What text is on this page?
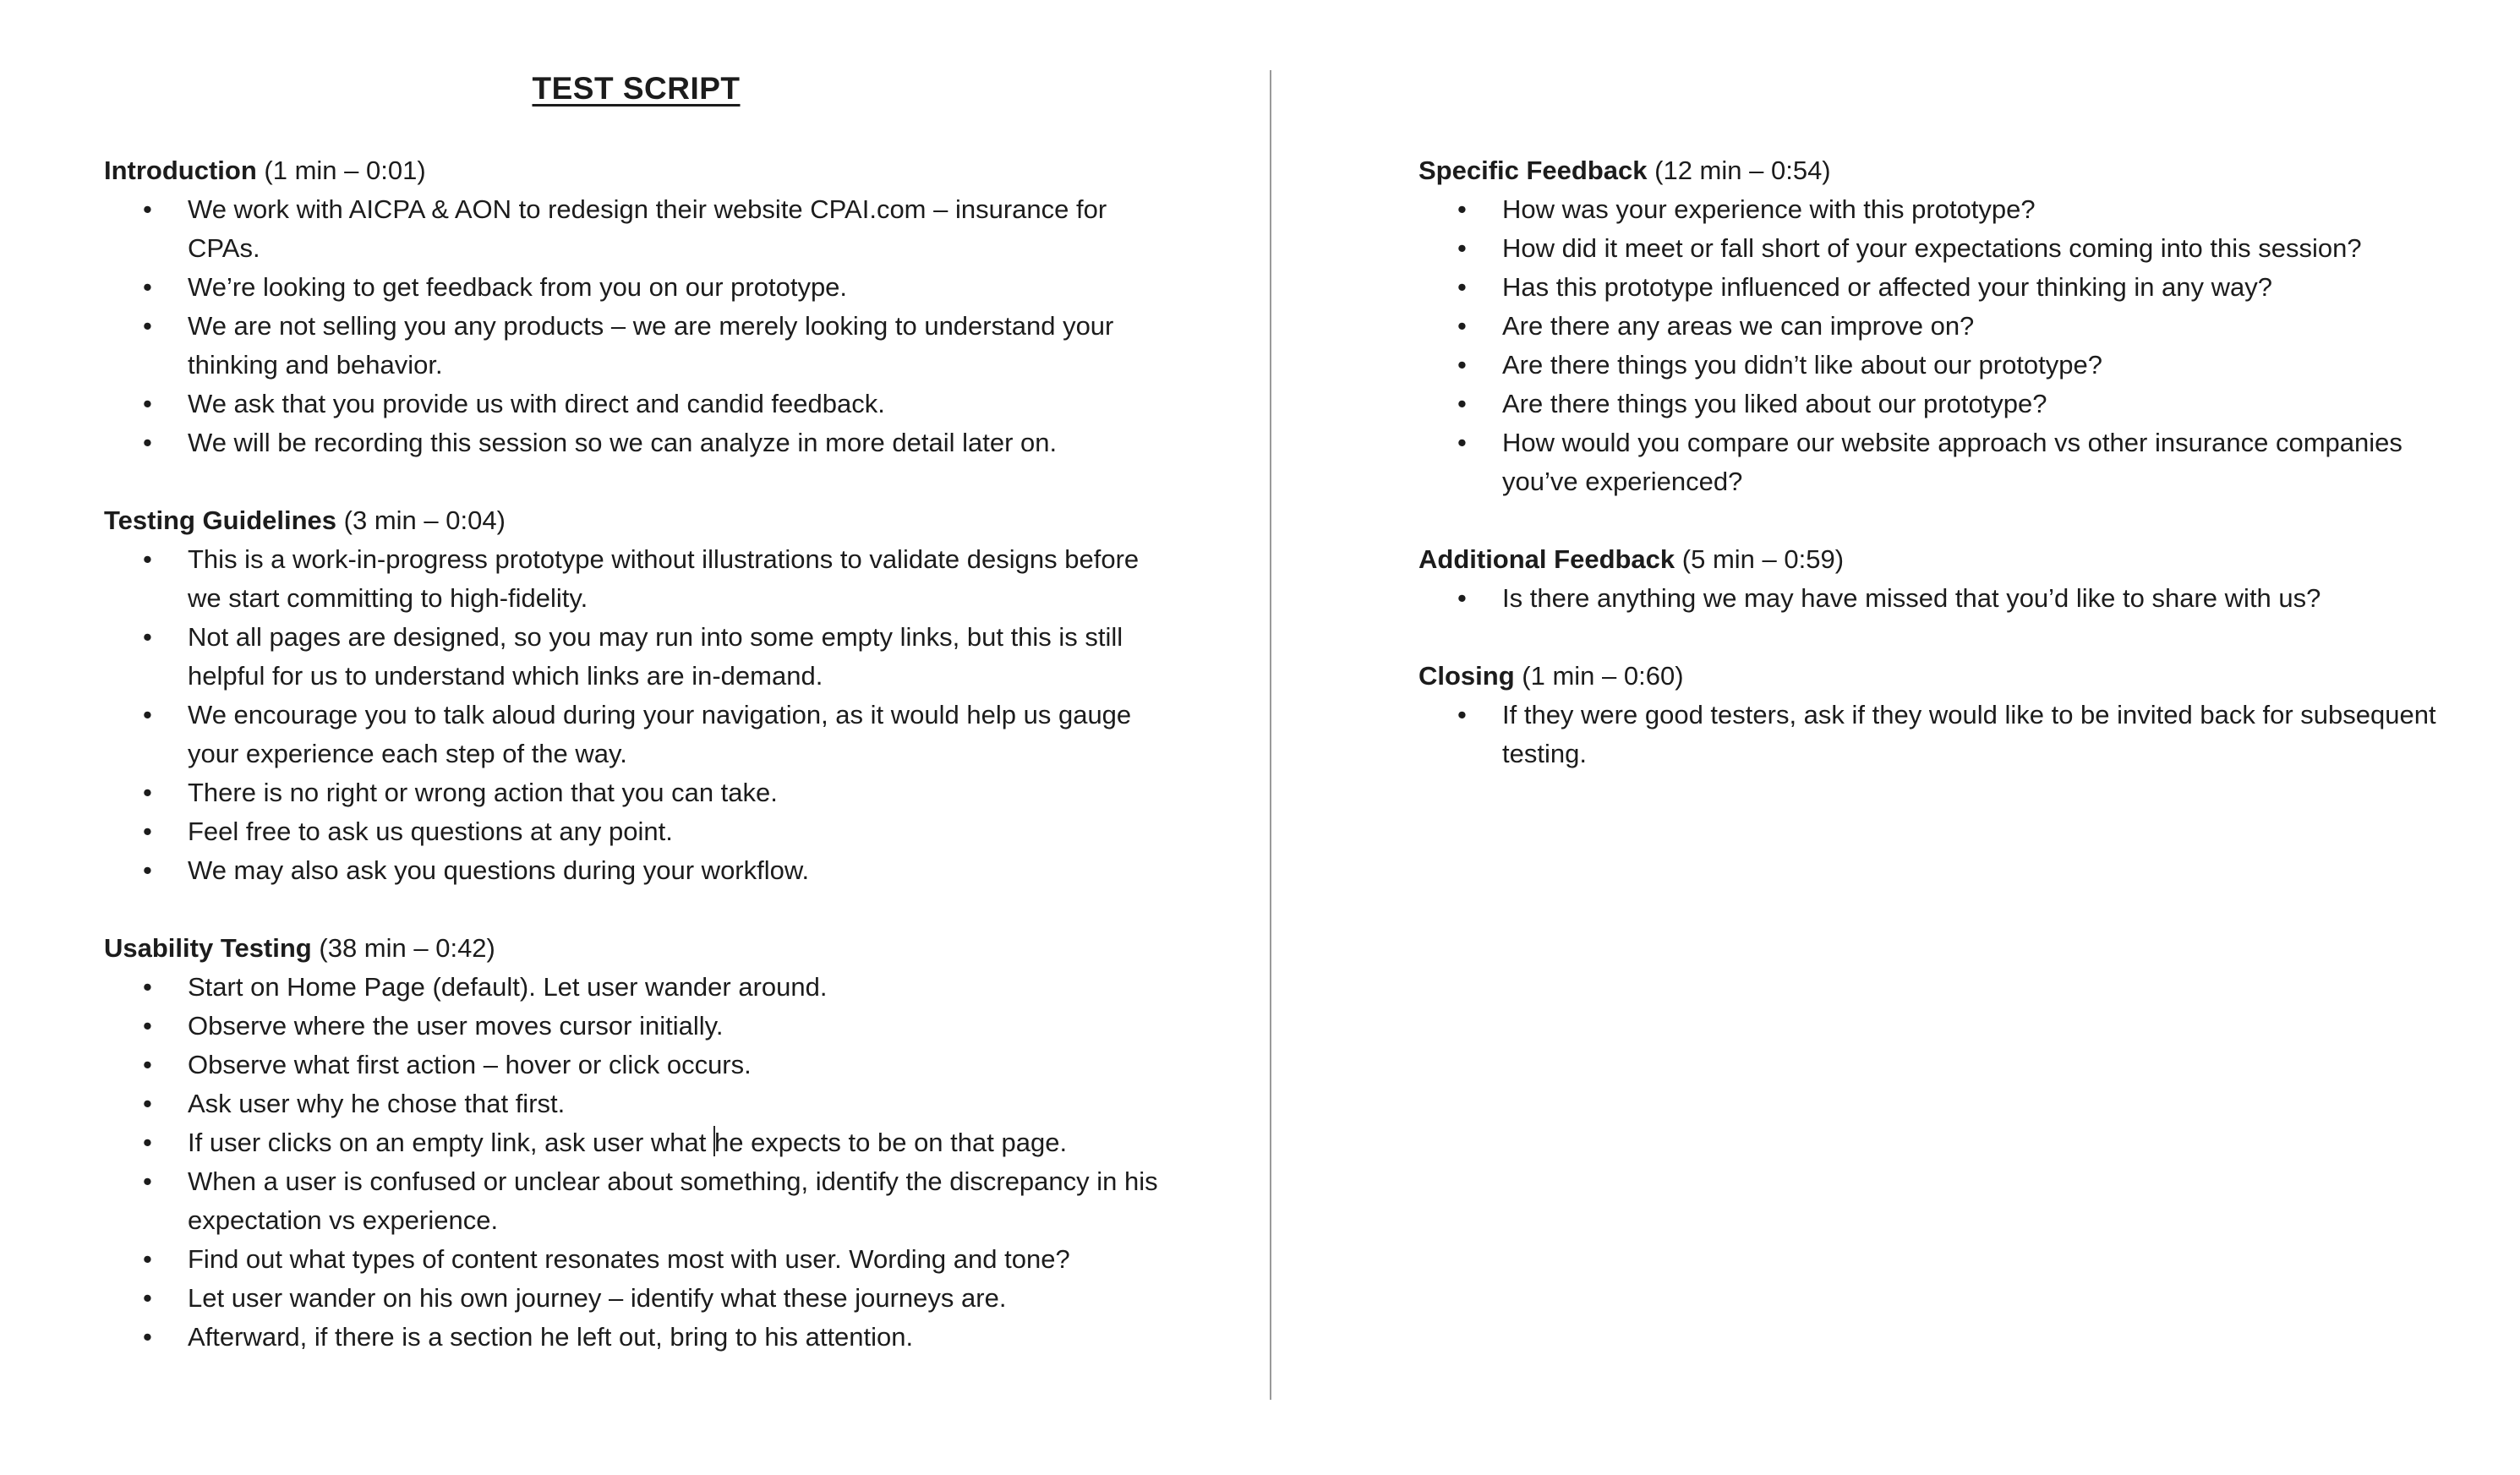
TEST SCRIPT
Introduction (1 min – 0:01)
•	We work with AICPA & AON to redesign their website CPAI.com – insurance for CPAs.
•	We’re looking to get feedback from you on our prototype.
•	We are not selling you any products – we are merely looking to understand your thinking and behavior.
•	We ask that you provide us with direct and candid feedback.
•	We will be recording this session so we can analyze in more detail later on.
Testing Guidelines (3 min – 0:04)
•	This is a work-in-progress prototype without illustrations to validate designs before we start committing to high-fidelity.
•	Not all pages are designed, so you may run into some empty links, but this is still helpful for us to understand which links are in-demand.
•	We encourage you to talk aloud during your navigation, as it would help us gauge your experience each step of the way.
•	There is no right or wrong action that you can take.
•	Feel free to ask us questions at any point.
•	We may also ask you questions during your workflow.
Usability Testing (38 min – 0:42)
•	Start on Home Page (default). Let user wander around.
•	Observe where the user moves cursor initially.
•	Observe what first action – hover or click occurs.
•	Ask user why he chose that first.
•	If user clicks on an empty link, ask user what he expects to be on that page.
•	When a user is confused or unclear about something, identify the discrepancy in his expectation vs experience.
•	Find out what types of content resonates most with user. Wording and tone?
•	Let user wander on his own journey – identify what these journeys are.
•	Afterward, if there is a section he left out, bring to his attention.
Specific Feedback (12 min – 0:54)
•	How was your experience with this prototype?
•	How did it meet or fall short of your expectations coming into this session?
•	Has this prototype influenced or affected your thinking in any way?
•	Are there any areas we can improve on?
•	Are there things you didn’t like about our prototype?
•	Are there things you liked about our prototype?
•	How would you compare our website approach vs other insurance companies you’ve experienced?
Additional Feedback (5 min – 0:59)
•	Is there anything we may have missed that you’d like to share with us?
Closing (1 min – 0:60)
•	If they were good testers, ask if they would like to be invited back for subsequent testing.
